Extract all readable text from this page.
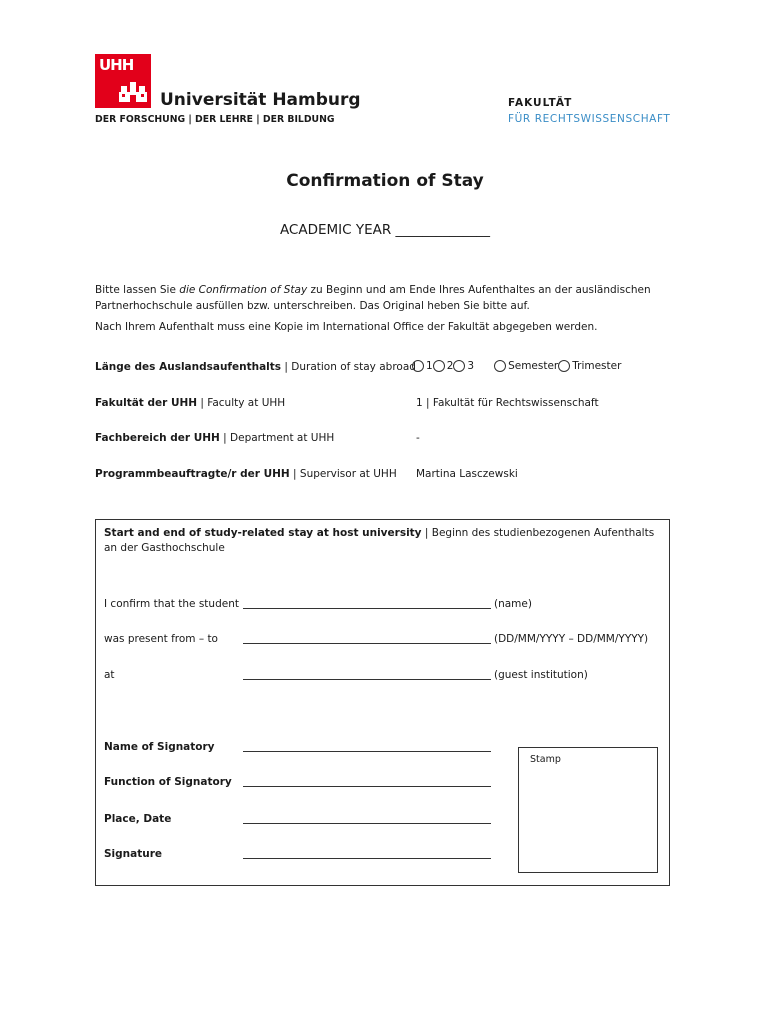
UHH
Universität Hamburg
DER FORSCHUNG | DER LEHRE | DER BILDUNG
FAKULTÄT
FÜR RECHTSWISSENSCHAFT
Confirmation of Stay
ACADEMIC YEAR ______________

Bitte lassen Sie die Confirmation of Stay zu Beginn und am Ende Ihres Aufenthaltes an der ausländischen Partnerhochschule ausfüllen bzw. unterschreiben. Das Original heben Sie bitte auf.

Nach Ihrem Aufenthalt muss eine Kopie im International Office der Fakultät abgegeben werden.

Länge des Auslandsaufenthalts | Duration of stay abroad 1 2 3	Semester Trimester
Fakultät der UHH | Faculty at UHH	1 | Fakultät für Rechtswissenschaft
Fachbereich der UHH | Department at UHH	-
Programmbeauftragte/r der UHH | Supervisor at UHH Martina Lasczewski
Start and end of study-related stay at host university | Beginn des studienbezogenen Aufenthalts an der Gasthochschule
I confirm that the student	(name)
was present from – to	(DD/MM/YYYY – DD/MM/YYYY)
at	(guest institution)
Name of Signatory
Function of Signatory
Place, Date
Signature
Stamp
